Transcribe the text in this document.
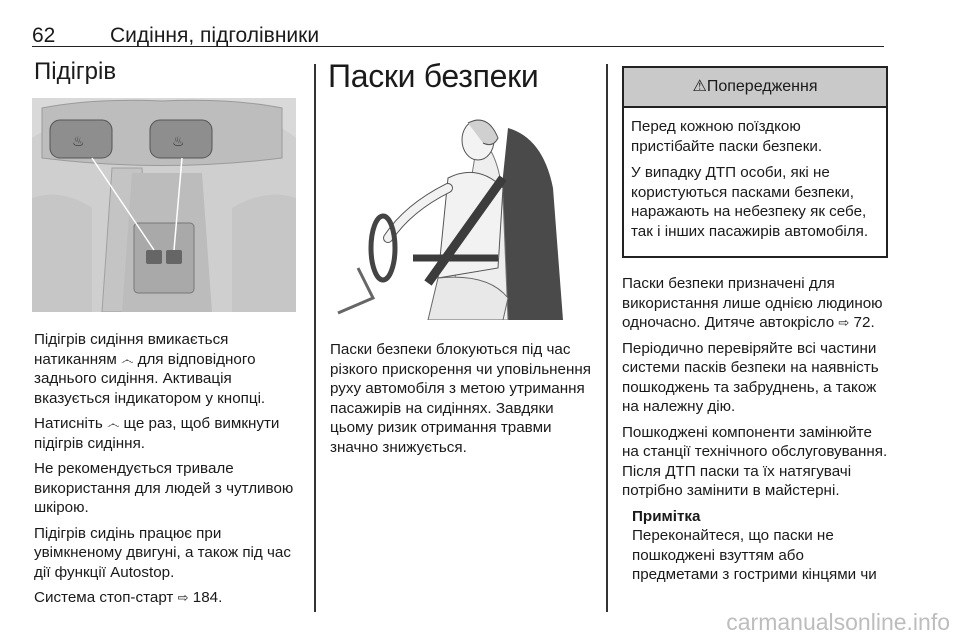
62	Сидіння, підголівники
Підігрів
♨	♨

Підігрів сидіння вмикається натиканням ෴ для відповідного заднього сидіння. Активація вказується індикатором у кнопці.

Натисніть ෴ ще раз, щоб вимкнути підігрів сидіння.

Не рекомендується тривале використання для людей з чутливою шкірою.

Підігрів сидінь працює при увімкненому двигуні, а також під час дії функції Autostop.

Система стоп-старт ⇨ 184.

Паски безпеки

Паски безпеки блокуються під час різкого прискорення чи уповільнення руху автомобіля з метою утримання пасажирів на сидіннях. Завдяки цьому ризик отримання травми значно знижується.

⚠Попередження

Перед кожною поїздкою пристібайте паски безпеки.

У випадку ДТП особи, які не користуються пасками безпеки, наражають на небезпеку як себе, так і інших пасажирів автомобіля.

Паски безпеки призначені для використання лише однією людиною одночасно. Дитяче автокрісло ⇨ 72.

Періодично перевіряйте всі частини системи пасків безпеки на наявність пошкоджень та забруднень, а також на належну дію.

Пошкоджені компоненти замінюйте на станції технічного обслуговування. Після ДТП паски та їх натягувачі потрібно замінити в майстерні.

Примітка

Переконайтеся, що паски не пошкоджені взуттям або предметами з гострими кінцями чи

carmanualsonline.info
